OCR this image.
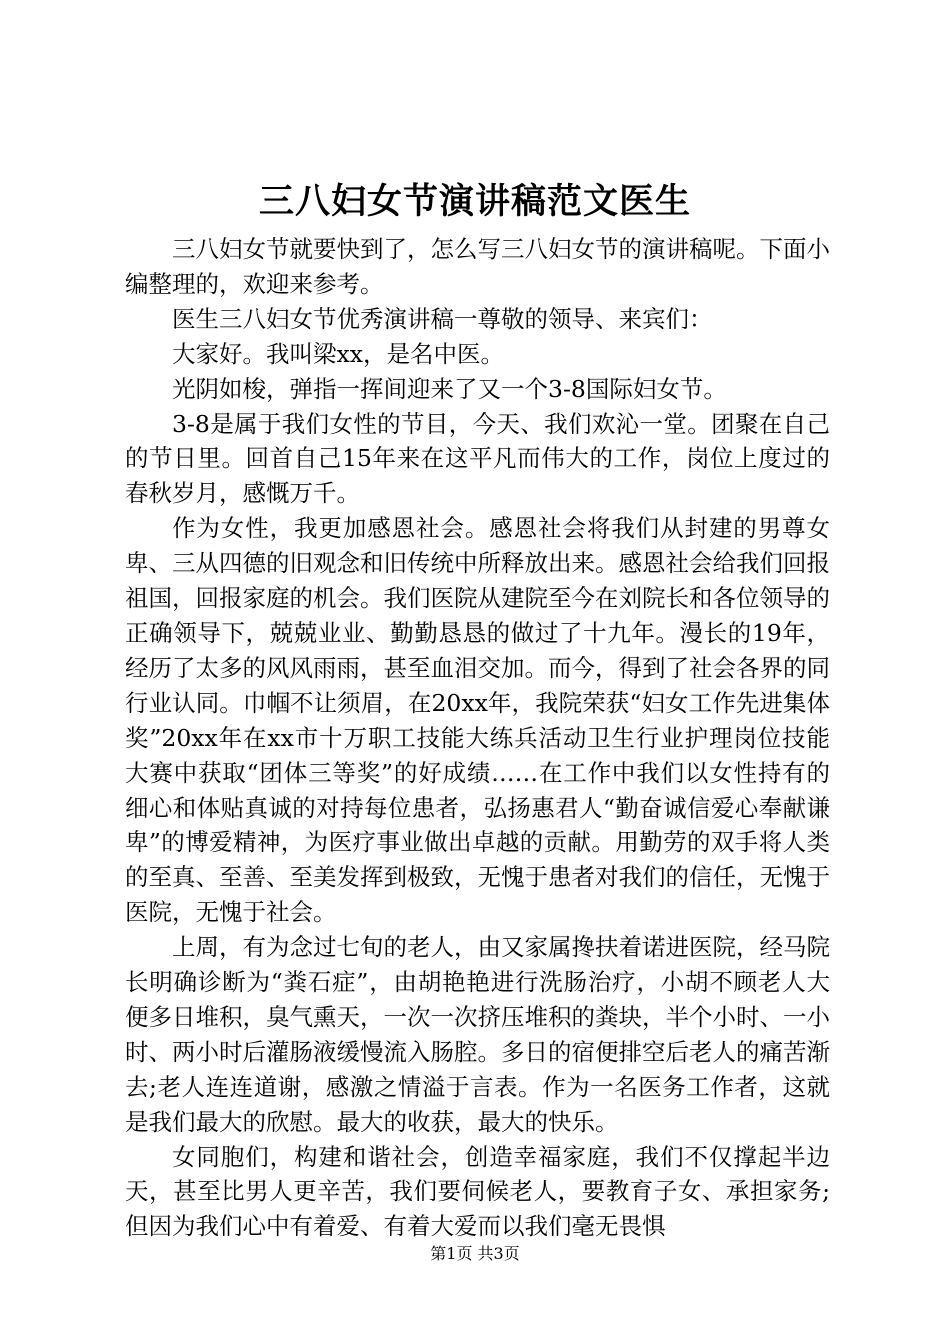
三八妇女节演讲稿范文医生

三八妇女节就要快到了，怎么写三八妇女节的演讲稿呢。下面小编整理的，欢迎来参考。

医生三八妇女节优秀演讲稿一尊敬的领导、来宾们：

大家好。我叫梁xx，是名中医。

光阴如梭，弹指一挥间迎来了又一个3-8国际妇女节。

3-8是属于我们女性的节目，今天、我们欢沁一堂。团聚在自己的节日里。回首自己15年来在这平凡而伟大的工作，岗位上度过的春秋岁月，感慨万千。

作为女性，我更加感恩社会。感恩社会将我们从封建的男尊女卑、三从四德的旧观念和旧传统中所释放出来。感恩社会给我们回报祖国，回报家庭的机会。我们医院从建院至今在刘院长和各位领导的正确领导下，兢兢业业、勤勤恳恳的做过了十九年。漫长的19年，经历了太多的风风雨雨，甚至血泪交加。而今，得到了社会各界的同行业认同。巾帼不让须眉，在20xx年，我院荣获“妇女工作先进集体奖”20xx年在xx市十万职工技能大练兵活动卫生行业护理岗位技能大赛中获取“团体三等奖”的好成绩……在工作中我们以女性持有的细心和体贴真诚的对持每位患者，弘扬惠君人“勤奋诚信爱心奉献谦卑”的博爱精神，为医疗事业做出卓越的贡献。用勤劳的双手将人类的至真、至善、至美发挥到极致，无愧于患者对我们的信任，无愧于医院，无愧于社会。

上周，有为念过七旬的老人，由又家属搀扶着诺进医院，经马院长明确诊断为“粪石症”，由胡艳艳进行洗肠治疗，小胡不顾老人大便多日堆积，臭气熏天，一次一次挤压堆积的粪块，半个小时、一小时、两小时后灌肠液缓慢流入肠腔。多日的宿便排空后老人的痛苦渐去;老人连连道谢，感激之情溢于言表。作为一名医务工作者，这就是我们最大的欣慰。最大的收获，最大的快乐。

女同胞们，构建和谐社会，创造幸福家庭，我们不仅撑起半边天，甚至比男人更辛苦，我们要伺候老人，要教育子女、承担家务;但因为我们心中有着爱、有着大爱而以我们毫无畏惧

第1页 共3页
